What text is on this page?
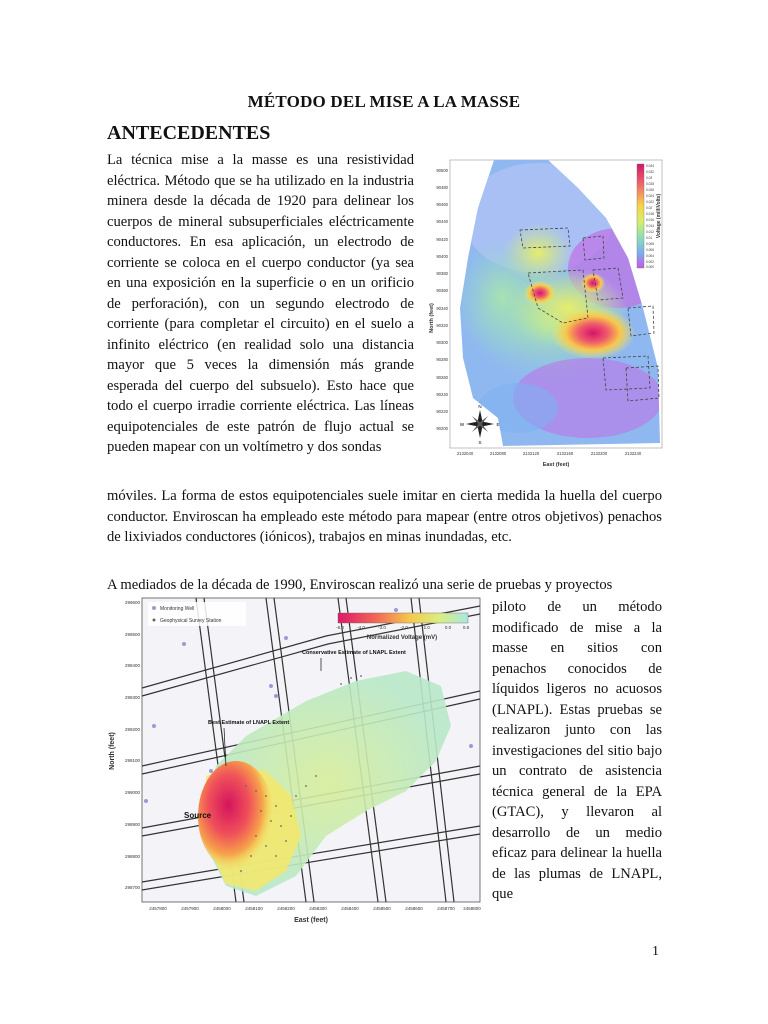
MÉTODO DEL MISE A LA MASSE
ANTECEDENTES
La técnica mise a la masse es una resistividad eléctrica. Método que se ha utilizado en la industria minera desde la década de 1920 para delinear los cuerpos de mineral subsuperficiales eléctricamente conductores. En esa aplicación, un electrodo de corriente se coloca en el cuerpo conductor (ya sea en una exposición en la superficie o en un orificio de perforación), con un segundo electrodo de corriente (para completar el circuito) en el suelo a infinito eléctrico (en realidad solo una distancia mayor que 5 veces la dimensión más grande esperada del cuerpo del subsuelo). Esto hace que todo el cuerpo irradie corriente eléctrica. Las líneas equipotenciales de este patrón de flujo actual se pueden mapear con un voltímetro y dos sondas
móviles. La forma de estos equipotenciales suele imitar en cierta medida la huella del cuerpo conductor. Enviroscan ha empleado este método para mapear (entre otros objetivos) penachos de lixiviados conductores (iónicos), trabajos en minas inundadas, etc.
A mediados de la década de 1990, Enviroscan realizó una serie de pruebas y proyectos
piloto de un método modificado de mise a la masse en sitios con penachos conocidos de líquidos ligeros no acuosos (LNAPL). Estas pruebas se realizaron junto con las investigaciones del sitio bajo un contrato de asistencia técnica general de la EPA (GTAC), y llevaron al desarrollo de un medio eficaz para delinear la huella de las plumas de LNAPL, que
90500
90480
90460
90440
90420
90400
90380
90360
90340
90320
90300
90280
90260
90240
90220
90200
North (feet)
2132040	2132080	2132120	2132160	2132200	2132240
East (feet)
0.034
0.032
0.03
0.028
0.026
0.024
0.022
0.02
0.018
0.016
0.014
0.012
0.01
0.008
0.006
0.004
0.002
0.000
Voltage (milliVolts)
N
S
E
W
Monitoring Well
Geophysical Survey Station
-6.0	-4.0	-3.0	-2.0	-1.0	0.0	0.8
Normalized Voltage (mV)
Conservative Estimate of LNAPL Extent
Best Estimate of LNAPL Extent
Source
299600
299500
299400
299300
299200
299100
299000
298900
298800
298700
North (feet)
2457800	2457900	2458000	2458100	2458200	2458300	2458400	2458500	2458600	2458700 2458800
East (feet)
1
